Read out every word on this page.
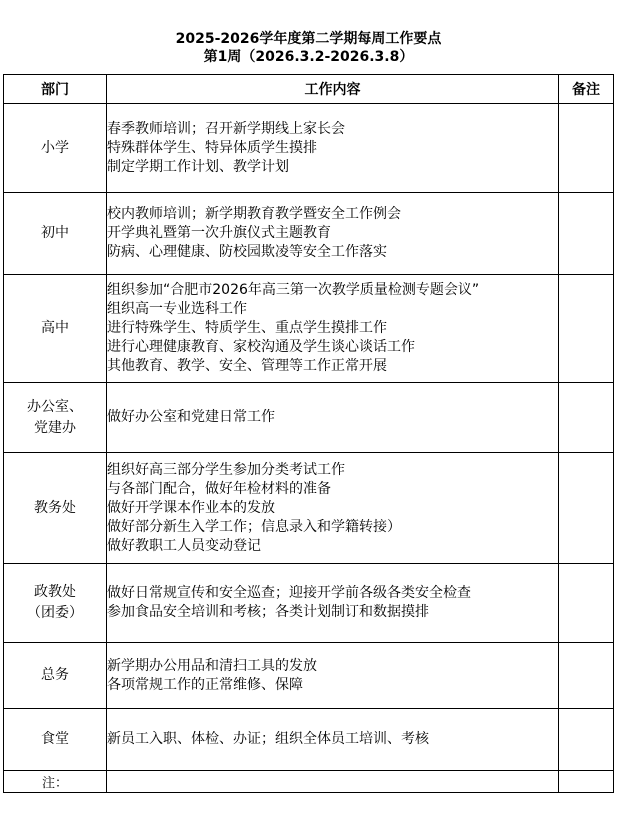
2025-2026学年度第二学期每周工作要点
第1周（2026.3.2-2026.3.8）
部门	工作内容	备注

小学	春季教师培训；召开新学期线上家长会
特殊群体学生、特异体质学生摸排
制定学期工作计划、教学计划	

初中	校内教师培训；新学期教育教学暨安全工作例会
开学典礼暨第一次升旗仪式主题教育
防病、心理健康、防校园欺凌等安全工作落实	

高中	组织参加“合肥市2026年高三第一次教学质量检测专题会议”
组织高一专业选科工作
进行特殊学生、特质学生、重点学生摸排工作
进行心理健康教育、家校沟通及学生谈心谈话工作
其他教育、教学、安全、管理等工作正常开展	

办公室、
党建办	做好办公室和党建日常工作	

教务处	组织好高三部分学生参加分类考试工作
与各部门配合，做好年检材料的准备
做好开学课本作业本的发放
做好部分新生入学工作；信息录入和学籍转接）
做好教职工人员变动登记	

政教处
（团委）	做好日常规宣传和安全巡查；迎接开学前各级各类安全检查
参加食品安全培训和考核；各类计划制订和数据摸排	

总务	新学期办公用品和清扫工具的发放
各项常规工作的正常维修、保障	

食堂	新员工入职、体检、办证；组织全体员工培训、考核	

注：		
